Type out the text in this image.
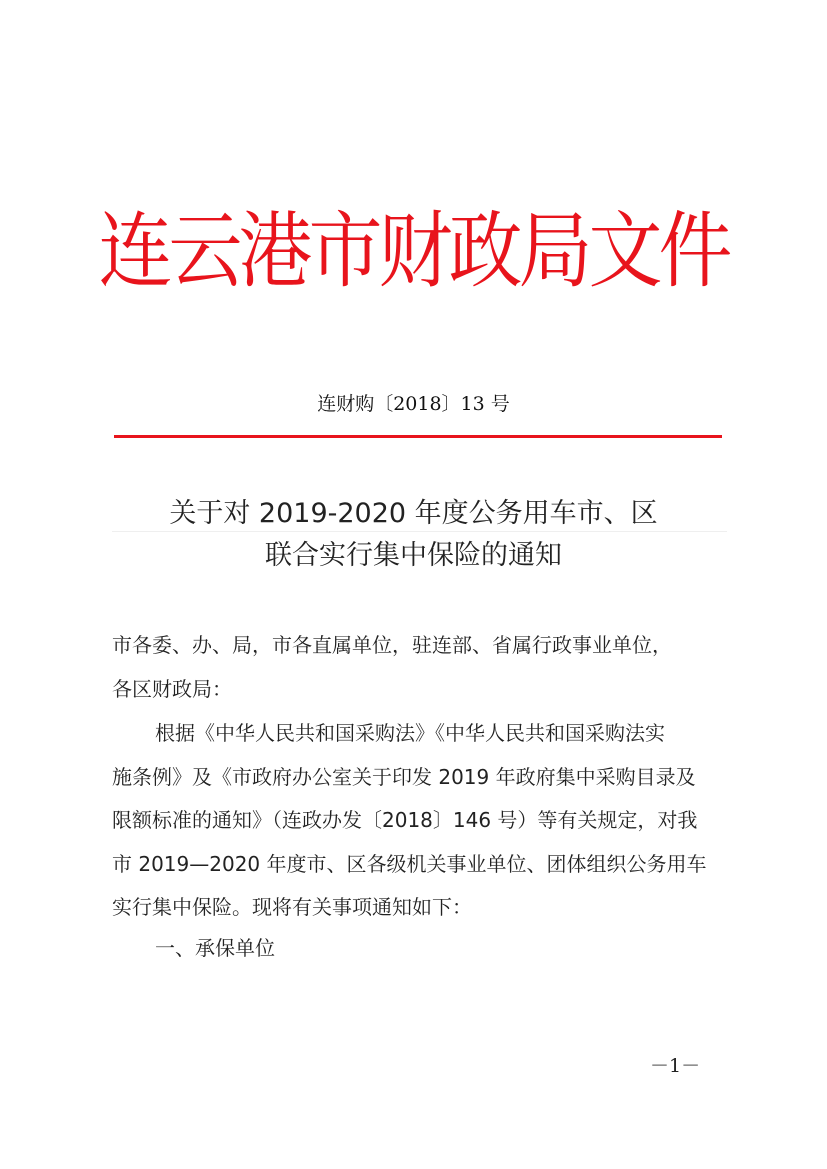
连云港市财政局文件
连财购〔2018〕13 号
关于对 2019-2020 年度公务用车市、区
联合实行集中保险的通知
市各委、办、局，市各直属单位，驻连部、省属行政事业单位，
各区财政局：
根据《中华人民共和国采购法》《中华人民共和国采购法实
施条例》及《市政府办公室关于印发 2019 年政府集中采购目录及
限额标准的通知》（连政办发〔2018〕146 号）等有关规定，对我
市 2019—2020 年度市、区各级机关事业单位、团体组织公务用车
实行集中保险。现将有关事项通知如下：
一、承保单位
－1－
